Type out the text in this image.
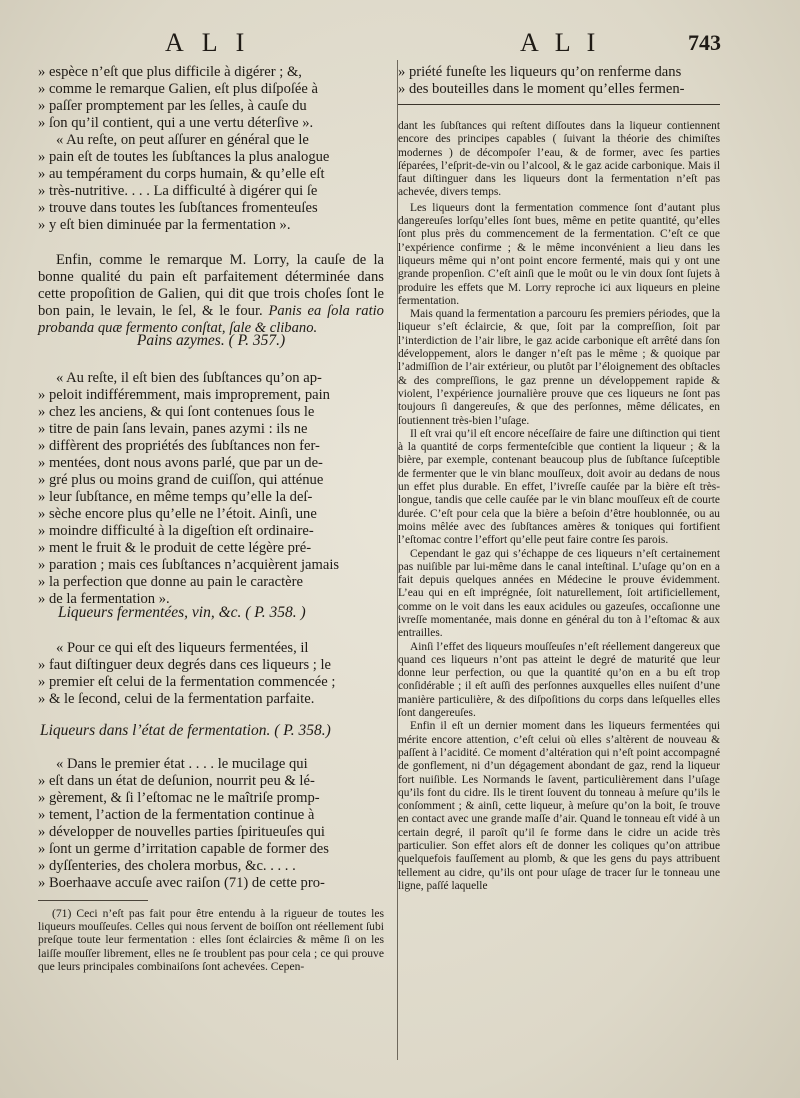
ALI	ALI	743

» espèce n’eſt que plus difficile à digérer ; &,

» comme le remarque Galien, eſt plus diſpoſée à

» paſſer promptement par les ſelles, à cauſe du

» ſon qu’il contient, qui a une vertu déterſive ».

« Au reſte, on peut aſſurer en général que le

» pain eſt de toutes les ſubſtances la plus analogue

» au tempérament du corps humain, & qu’elle eſt

» très-nutritive. . . . La difficulté à digérer qui ſe

» trouve dans toutes les ſubſtances fromenteuſes

» y eſt bien diminuée par la fermentation ».

Enfin, comme le remarque M. Lorry, la cauſe de la bonne qualité du pain eſt parfaitement déterminée dans cette propoſition de Galien, qui dit que trois choſes ſont le bon pain, le levain, le ſel, & le four. Panis ea ſola ratio probanda quæ fermento conſtat, ſale & clibano.

Pains azymes. ( P. 357.)

« Au reſte, il eſt bien des ſubſtances qu’on ap-

» peloit indifféremment, mais improprement, pain

» chez les anciens, & qui ſont contenues ſous le

» titre de pain ſans levain, panes azymi : ils ne

» diffèrent des propriétés des ſubſtances non fer-

» mentées, dont nous avons parlé, que par un de-

» gré plus ou moins grand de cuiſſon, qui atténue

» leur ſubſtance, en même temps qu’elle la deſ-

» sèche encore plus qu’elle ne l’étoit. Ainſi, une

» moindre difficulté à la digeſtion eſt ordinaire-

» ment le fruit & le produit de cette légère pré-

» paration ; mais ces ſubſtances n’acquièrent jamais

» la perfection que donne au pain le caractère

» de la fermentation ».

Liqueurs fermentées, vin, &c. ( P. 358. )

« Pour ce qui eſt des liqueurs fermentées, il

» faut diſtinguer deux degrés dans ces liqueurs ; le

» premier eſt celui de la fermentation commencée ;

» & le ſecond, celui de la fermentation parfaite.

Liqueurs dans l’état de fermentation. ( P. 358.)

« Dans le premier état . . . . le mucilage qui

» eſt dans un état de deſunion, nourrit peu & lé-

» gèrement, & ſi l’eſtomac ne le maîtriſe promp-

» tement, l’action de la fermentation continue à

» développer de nouvelles parties ſpiritueuſes qui

» ſont un germe d’irritation capable de former des

» dyſſenteries, des cholera morbus, &c. . . . .

» Boerhaave accuſe avec raiſon (71) de cette pro-

(71) Ceci n’eſt pas fait pour être entendu à la rigueur de toutes les liqueurs mouſſeuſes. Celles qui nous ſervent de boiſſon ont réellement ſubi preſque toute leur fermentation : elles ſont éclaircies & même ſi on les laiſſe mouſſer librement, elles ne ſe troublent pas pour cela ; ce qui prouve que leurs principales combinaiſons ſont achevées. Cepen-

» priété funeſte les liqueurs qu’on renferme dans

» des bouteilles dans le moment qu’elles fermen-

dant les ſubſtances qui reſtent diſſoutes dans la liqueur contiennent encore des principes capables ( ſuivant la théorie des chimiſtes modernes ) de décompoſer l’eau, & de former, avec ſes parties ſéparées, l’eſprit-de-vin ou l’alcool, & le gaz acide carbonique. Mais il faut diſtinguer dans les liqueurs dont la fermentation n’eſt pas achevée, divers temps.

Les liqueurs dont la fermentation commence ſont d’autant plus dangereuſes lorſqu’elles ſont bues, même en petite quantité, qu’elles ſont plus près du commencement de la fermentation. C’eſt ce que l’expérience confirme ; & le même inconvénient a lieu dans les liqueurs même qui n’ont point encore fermenté, mais qui y ont une grande propenſion. C’eſt ainſi que le moût ou le vin doux ſont ſujets à produire les effets que M. Lorry reproche ici aux liqueurs en pleine fermentation.

Mais quand la fermentation a parcouru ſes premiers périodes, que la liqueur s’eſt éclaircie, & que, ſoit par la compreſſion, ſoit par l’interdiction de l’air libre, le gaz acide carbonique eſt arrêté dans ſon développement, alors le danger n’eſt pas le même ; & quoique par l’admiſſion de l’air extérieur, ou plutôt par l’éloignement des obſtacles & des compreſſions, le gaz prenne un développement rapide & violent, l’expérience journalière prouve que ces liqueurs ne ſont pas toujours ſi dangereuſes, & que des perſonnes, même délicates, en ſoutiennent très-bien l’uſage.

Il eſt vrai qu’il eſt encore néceſſaire de faire une diſtinction qui tient à la quantité de corps fermenteſcible que contient la liqueur ; & la bière, par exemple, contenant beaucoup plus de ſubſtance ſuſceptible de fermenter que le vin blanc mouſſeux, doit avoir au dedans de nous un effet plus durable. En effet, l’ivreſſe cauſée par la bière eſt très-longue, tandis que celle cauſée par le vin blanc mouſſeux eſt de courte durée. C’eſt pour cela que la bière a beſoin d’être houblonnée, ou au moins mêlée avec des ſubſtances amères & toniques qui fortifient l’eſtomac contre l’effort qu’elle peut faire contre ſes parois.

Cependant le gaz qui s’échappe de ces liqueurs n’eſt certainement pas nuiſible par lui-même dans le canal inteſtinal. L’uſage qu’on en a fait depuis quelques années en Médecine le prouve évidemment. L’eau qui en eſt imprégnée, ſoit naturellement, ſoit artificiellement, comme on le voit dans les eaux acidules ou gazeuſes, occaſionne une ivreſſe momentanée, mais donne en général du ton à l’eſtomac & aux entrailles.

Ainſi l’effet des liqueurs mouſſeuſes n’eſt réellement dangereux que quand ces liqueurs n’ont pas atteint le degré de maturité que leur donne leur perfection, ou que la quantité qu’on en a bu eſt trop conſidérable ; il eſt auſſi des perſonnes auxquelles elles nuiſent d’une manière particulière, & des diſpoſitions du corps dans leſquelles elles ſont dangereuſes.

Enfin il eſt un dernier moment dans les liqueurs fermentées qui mérite encore attention, c’eſt celui où elles s’altèrent de nouveau & paſſent à l’acidité. Ce moment d’altération qui n’eſt point accompagné de gonflement, ni d’un dégagement abondant de gaz, rend la liqueur fort nuiſible. Les Normands le ſavent, particulièrement dans l’uſage qu’ils font du cidre. Ils le tirent ſouvent du tonneau à meſure qu’ils le conſomment ; & ainſi, cette liqueur, à meſure qu’on la boit, ſe trouve en contact avec une grande maſſe d’air. Quand le tonneau eſt vidé à un certain degré, il paroît qu’il ſe forme dans le cidre un acide très particulier. Son effet alors eſt de donner les coliques qu’on attribue quelquefois fauſſement au plomb, & que les gens du pays attribuent tellement au cidre, qu’ils ont pour uſage de tracer ſur le tonneau une ligne, paſſé laquelle
